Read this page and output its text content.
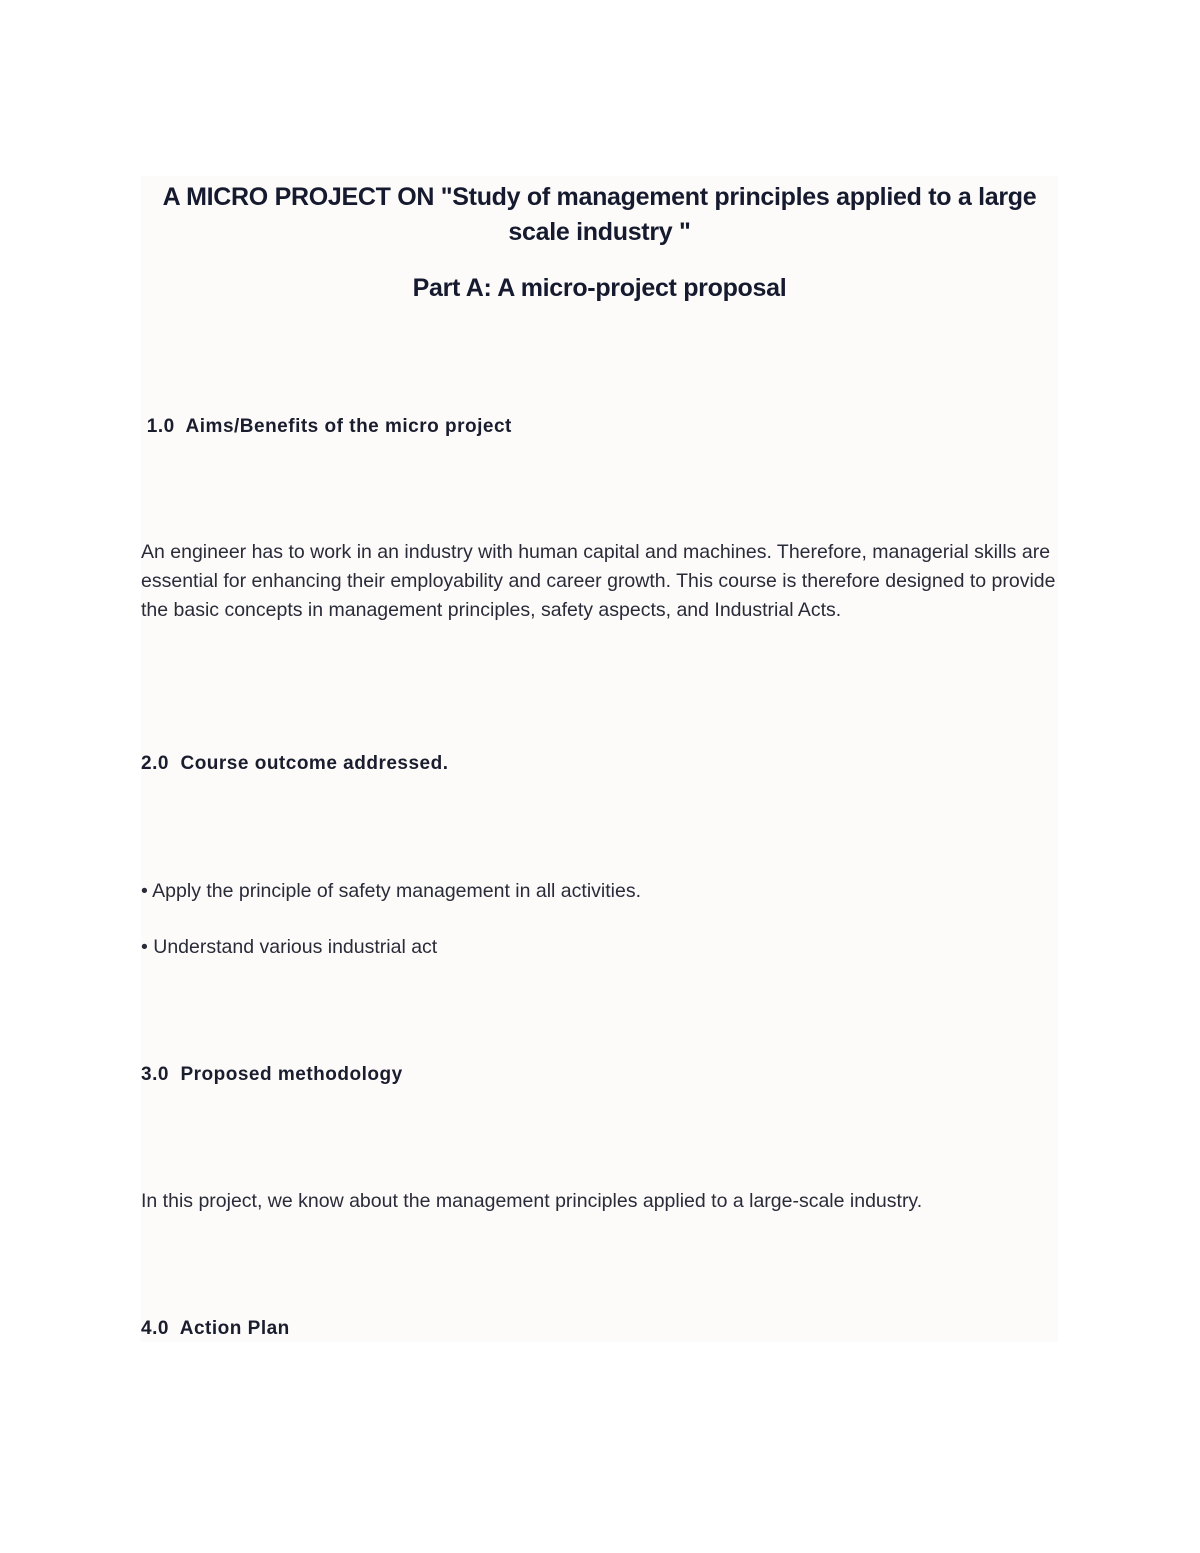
A MICRO PROJECT ON "Study of management principles applied to a large scale industry "
Part A: A micro-project proposal
1.0  Aims/Benefits of the micro project
An engineer has to work in an industry with human capital and machines. Therefore, managerial skills are essential for enhancing their employability and career growth. This course is therefore designed to provide the basic concepts in management principles, safety aspects, and Industrial Acts.
2.0  Course outcome addressed.
• Apply the principle of safety management in all activities.
• Understand various industrial act
3.0  Proposed methodology
In this project, we know about the management principles applied to a large-scale industry.
4.0  Action Plan
